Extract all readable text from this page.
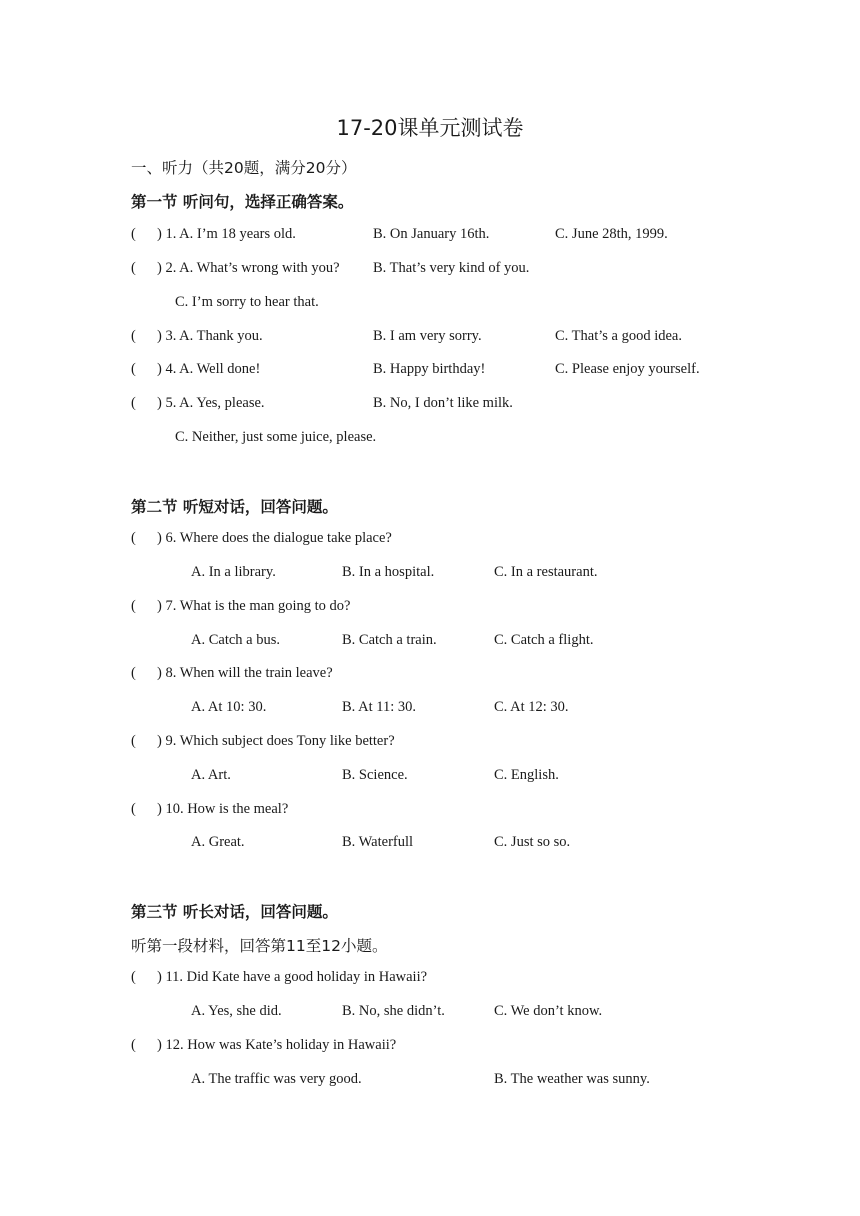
17-20课单元测试卷
一、听力（共20题，满分20分）
第一节 听问句，选择正确答案。
( ) 1. A. I’m 18 years old.	B. On January 16th.	C. June 28th, 1999.
( ) 2. A. What’s wrong with you? B. That’s very kind of you.
C. I’m sorry to hear that.
( ) 3. A. Thank you.	B. I am very sorry.	C. That’s a good idea.
( ) 4. A. Well done!	B. Happy birthday!	C. Please enjoy yourself.
( ) 5. A. Yes, please.	B. No, I don’t like milk.
C. Neither, just some juice, please.
第二节 听短对话，回答问题。
( ) 6. Where does the dialogue take place?
A. In a library.	B. In a hospital.	C. In a restaurant.
( ) 7. What is the man going to do?
A. Catch a bus.	B. Catch a train.	C. Catch a flight.
( ) 8. When will the train leave?
A. At 10: 30.	B. At 11: 30.	C. At 12: 30.
( ) 9. Which subject does Tony like better?
A. Art.	B. Science.	C. English.
( ) 10. How is the meal?
A. Great.	B. Waterfull	C. Just so so.
第三节 听长对话，回答问题。
听第一段材料，回答第11至12小题。
( ) 11. Did Kate have a good holiday in Hawaii?
A. Yes, she did.	B. No, she didn’t.	C. We don’t know.
( ) 12. How was Kate’s holiday in Hawaii?
A. The traffic was very good.	B. The weather was sunny.
